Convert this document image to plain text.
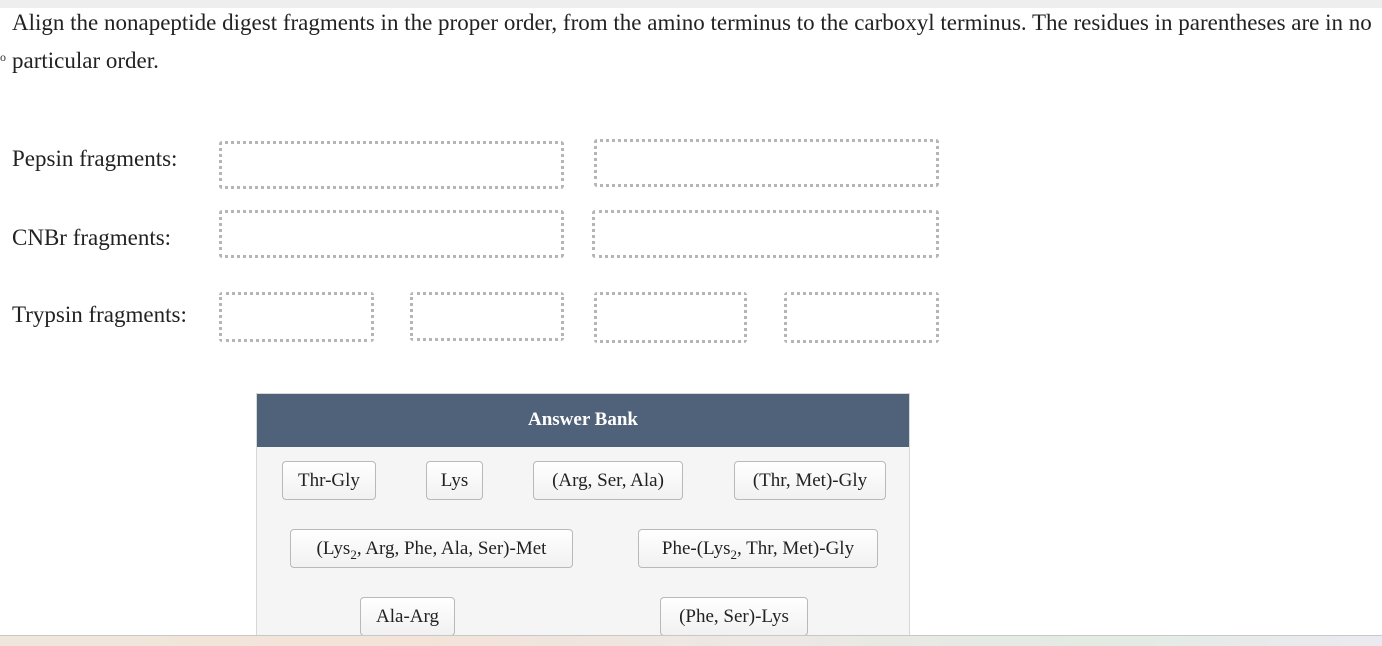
Align the nonapeptide digest fragments in the proper order, from the amino terminus to the carboxyl terminus. The residues in parentheses are in no particular order.
o
Pepsin fragments:
CNBr fragments:
Trypsin fragments:
Answer Bank
Thr-Gly	Lys	(Arg, Ser, Ala)	(Thr, Met)-Gly
(Lys$_2$, Arg, Phe, Ala, Ser)-Met	Phe-(Lys$_2$, Thr, Met)-Gly
Ala-Arg	(Phe, Ser)-Lys
